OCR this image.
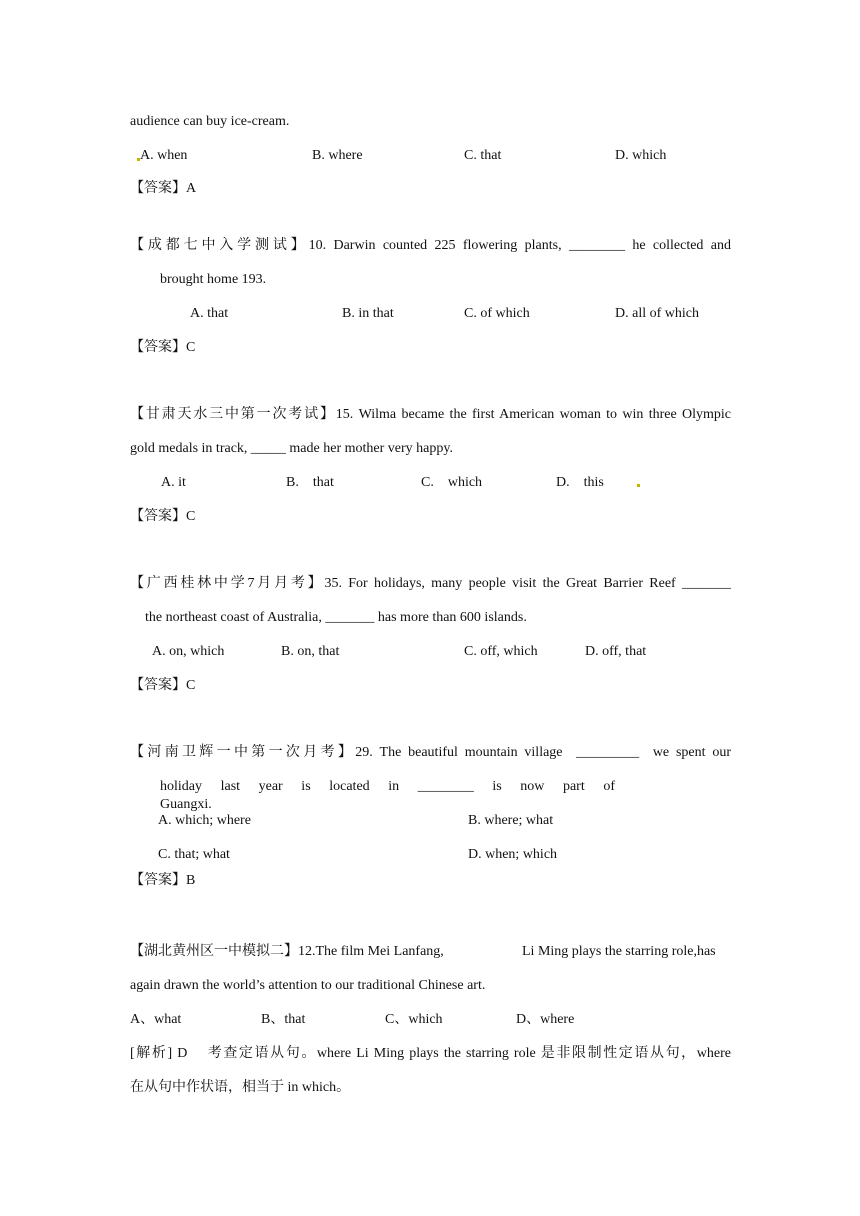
audience can buy ice-cream.
A. when	B. where	C. that	D. which
【答案】A
【成都七中入学测试】10. Darwin counted 225 flowering plants, ________ he collected and
brought home 193.
A. that	B. in that	C. of which	D. all of which
【答案】C
【甘肃天水三中第一次考试】15. Wilma became the first American woman to win three Olympic
gold medals in track, _____ made her mother very happy.
A. it	B.    that	C.    which	D.    this
【答案】C
【广西桂林中学7月月考】35. For holidays, many people visit the Great Barrier Reef _______
the northeast coast of Australia, _______ has more than 600 islands.
A. on, which	B. on, that	C. off, which	D. off, that
【答案】C
【河南卫辉一中第一次月考】29. The beautiful mountain village  _________  we spent our
holiday last year is located in ________ is now part of Guangxi.
A. which; where	B. where; what
C. that; what	D. when; which
【答案】B
【湖北黄州区一中模拟二】12.The film Mei Lanfang,	Li Ming plays the starring role,has
again drawn the world’s attention to our traditional Chinese art.
A、what	B、that	C、which	D、where
[解析] D    考查定语从句。where Li Ming plays the starring role 是非限制性定语从句，where
在从句中作状语，相当于 in which。
